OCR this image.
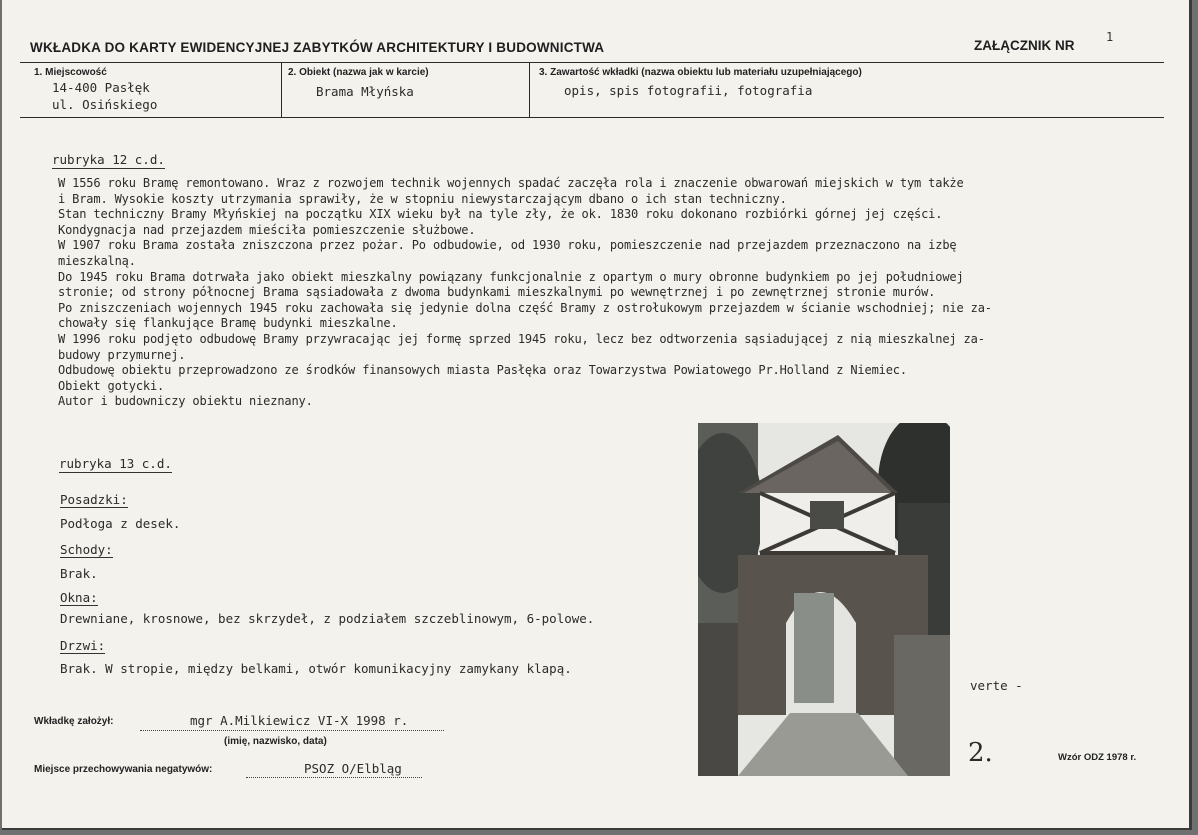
WKŁADKA DO KARTY EWIDENCYJNEJ ZABYTKÓW ARCHITEKTURY I BUDOWNICTWA	ZAŁĄCZNIK NR
1
1. Miejscowość
14-400 Pasłęk
ul. Osińskiego
2. Obiekt (nazwa jak w karcie)
Brama Młyńska
3. Zawartość wkładki (nazwa obiektu lub materiału uzupełniającego)
opis, spis fotografii, fotografia
rubryka 12 c.d.
W 1556 roku Bramę remontowano. Wraz z rozwojem technik wojennych spadać zaczęła rola i znaczenie obwarowań miejskich w tym także
i Bram. Wysokie koszty utrzymania sprawiły, że w stopniu niewystarczającym dbano o ich stan techniczny.
Stan techniczny Bramy Młyńskiej na początku XIX wieku był na tyle zły, że ok. 1830 roku dokonano rozbiórki górnej jej części.
Kondygnacja nad przejazdem mieściła pomieszczenie służbowe.
W 1907 roku Brama została zniszczona przez pożar. Po odbudowie, od 1930 roku, pomieszczenie nad przejazdem przeznaczono na izbę
mieszkalną.
Do 1945 roku Brama dotrwała jako obiekt mieszkalny powiązany funkcjonalnie z opartym o mury obronne budynkiem po jej południowej
stronie; od strony północnej Brama sąsiadowała z dwoma budynkami mieszkalnymi po wewnętrznej i po zewnętrznej stronie murów.
Po zniszczeniach wojennych 1945 roku zachowała się jedynie dolna część Bramy z ostrołukowym przejazdem w ścianie wschodniej; nie za-
chowały się flankujące Bramę budynki mieszkalne.
W 1996 roku podjęto odbudowę Bramy przywracając jej formę sprzed 1945 roku, lecz bez odtworzenia sąsiadującej z nią mieszkalnej za-
budowy przymurnej.
Odbudowę obiektu przeprowadzono ze środków finansowych miasta Pasłęka oraz Towarzystwa Powiatowego Pr.Holland z Niemiec.
Obiekt gotycki.
Autor i budowniczy obiektu nieznany.
rubryka 13 c.d.
Posadzki:
Podłoga z desek.
Schody:
Brak.
Okna:
Drewniane, krosnowe, bez skrzydeł, z podziałem szczeblinowym, 6-polowe.
Drzwi:
Brak. W stropie, między belkami, otwór komunikacyjny zamykany klapą.
verte -
Wkładkę założył:	mgr A.Milkiewicz VI-X 1998 r.
(imię, nazwisko, data)
Miejsce przechowywania negatywów:	PSOZ O/Elbląg
2.	Wzór ODZ 1978 r.
